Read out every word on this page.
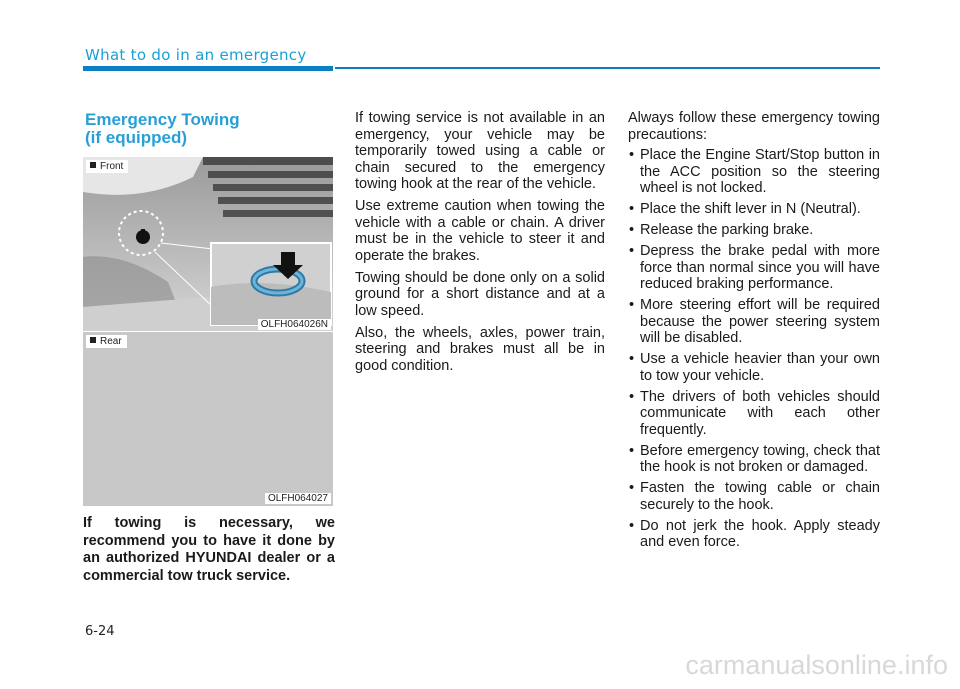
What to do in an emergency
Emergency Towing
(if equipped)
Front
OLFH064026N
Rear
OLFH064027
If towing is necessary, we recommend you to have it done by an authorized HYUNDAI dealer or a commercial tow truck service.

If towing service is not available in an emergency, your vehicle may be temporarily towed using a cable or chain secured to the emergency towing hook at the rear of the vehicle.

Use extreme caution when towing the vehicle with a cable or chain. A driver must be in the vehicle to steer it and operate the brakes.

Towing should be done only on a solid ground for a short distance and at a low speed.

Also, the wheels, axles, power train, steering and brakes must all be in good condition.

Always follow these emergency towing precautions:

• Place the Engine Start/Stop button in the ACC position so the steering wheel is not locked.
• Place the shift lever in N (Neutral).
• Release the parking brake.
• Depress the brake pedal with more force than normal since you will have reduced braking performance.
• More steering effort will be required because the power steering system will be disabled.
• Use a vehicle heavier than your own to tow your vehicle.
• The drivers of both vehicles should communicate with each other frequently.
• Before emergency towing, check that the hook is not broken or damaged.
• Fasten the towing cable or chain securely to the hook.
• Do not jerk the hook. Apply steady and even force.
6-24
carmanualsonline.info
